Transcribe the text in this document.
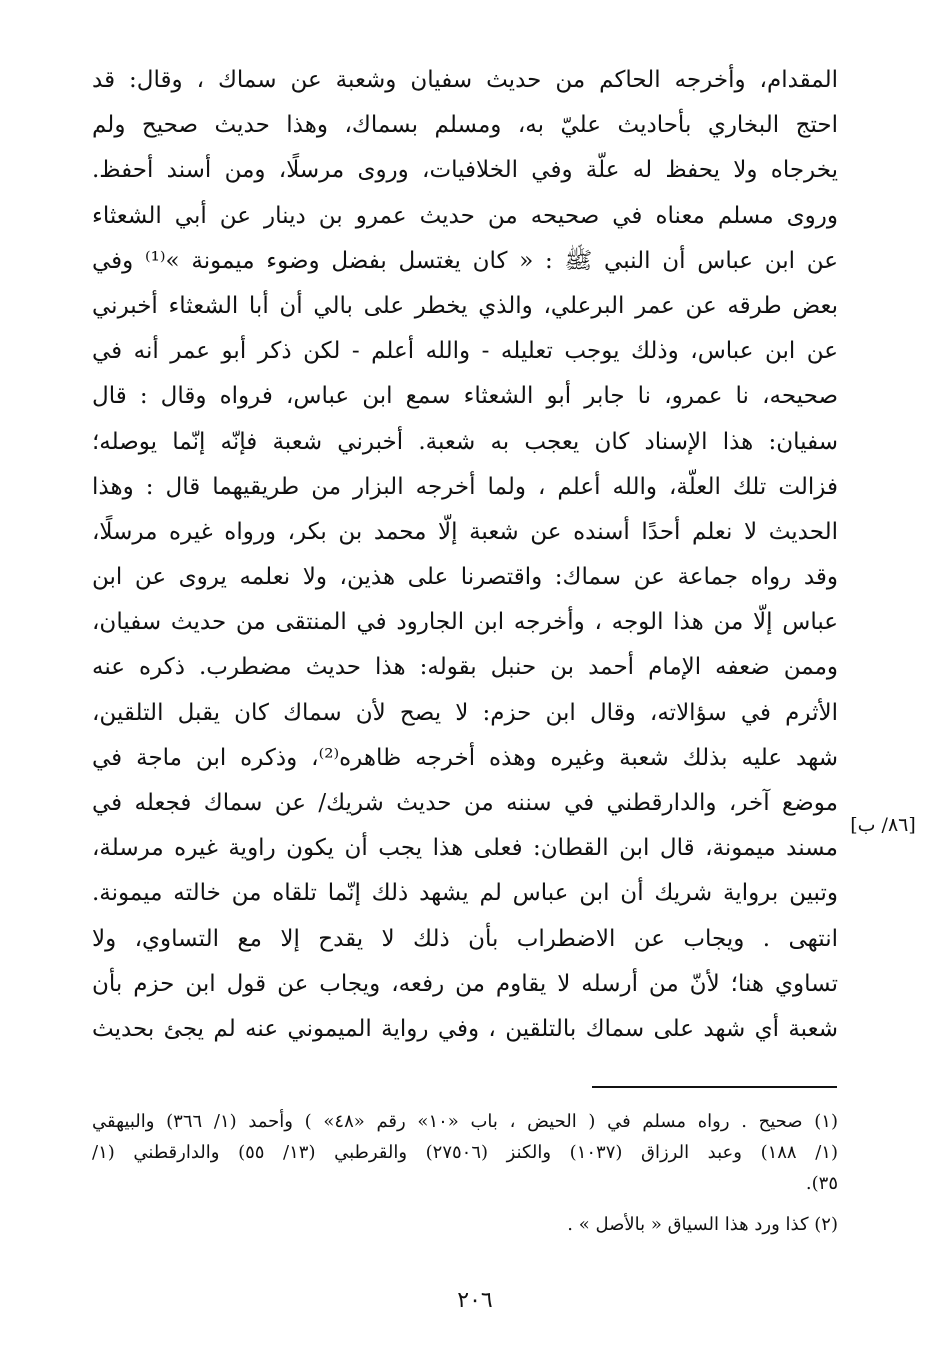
المقدام، وأخرجه الحاكم من حديث سفيان وشعبة عن سماك ، وقال: قد
احتج البخاري بأحاديث عليّ به، ومسلم بسماك، وهذا حديث صحيح ولم
يخرجاه ولا يحفظ له علّة وفي الخلافيات، وروى مرسلًا، ومن أسند أحفظ.
وروى مسلم معناه في صحيحه من حديث عمرو بن دينار عن أبي الشعثاء
عن ابن عباس أن النبي ﷺ : « كان يغتسل بفضل وضوء ميمونة »⁽¹⁾ وفي
بعض طرقه عن عمر البرعلي، والذي يخطر على بالي أن أبا الشعثاء أخبرني
عن ابن عباس، وذلك يوجب تعليله - والله أعلم - لكن ذكر أبو عمر أنه في
صحيحه، نا عمرو، نا جابر أبو الشعثاء سمع ابن عباس، فرواه وقال : قال
سفيان: هذا الإسناد كان يعجب به شعبة. أخبرني شعبة فإنّه إنّما يوصله؛
فزالت تلك العلّة، والله أعلم ، ولما أخرجه البزار من طريقيهما قال : وهذا
الحديث لا نعلم أحدًا أسنده عن شعبة إلّا محمد بن بكر، ورواه غيره مرسلًا،
وقد رواه جماعة عن سماك: واقتصرنا على هذين، ولا نعلمه يروى عن ابن
عباس إلّا من هذا الوجه ، وأخرجه ابن الجارود في المنتقى من حديث سفيان،
وممن ضعفه الإمام أحمد بن حنبل بقوله: هذا حديث مضطرب. ذكره عنه
الأثرم في سؤالاته، وقال ابن حزم: لا يصح لأن سماك كان يقبل التلقين،
شهد عليه بذلك شعبة وغيره وهذه أخرجه ظاهره⁽²⁾، وذكره ابن ماجة في
موضع آخر، والدارقطني في سننه من حديث شريك/ عن سماك فجعله في
مسند ميمونة، قال ابن القطان: فعلى هذا يجب أن يكون راوية غيره مرسلة،
وتبين برواية شريك أن ابن عباس لم يشهد ذلك إنّما تلقاه من خالته ميمونة.
انتهى . ويجاب عن الاضطراب بأن ذلك لا يقدح إلا مع التساوي، ولا
تساوي هنا؛ لأنّ من أرسله لا يقاوم من رفعه، ويجاب عن قول ابن حزم بأن
شعبة أي شهد على سماك بالتلقين ، وفي رواية الميموني عنه لم يجئ بحديث
[٨٦/ ب]
(١) صحيح . رواه مسلم في ( الحيض ، باب «١٠» رقم «٤٨» ) وأحمد (١/ ٣٦٦) والبيهقي
(١/ ١٨٨) وعبد الرزاق (١٠٣٧) والكنز (٢٧٥٠٦) والقرطبي (١٣/ ٥٥) والدارقطني (١/
٣٥).
(٢) كذا ورد هذا السياق « بالأصل » .
٢٠٦
